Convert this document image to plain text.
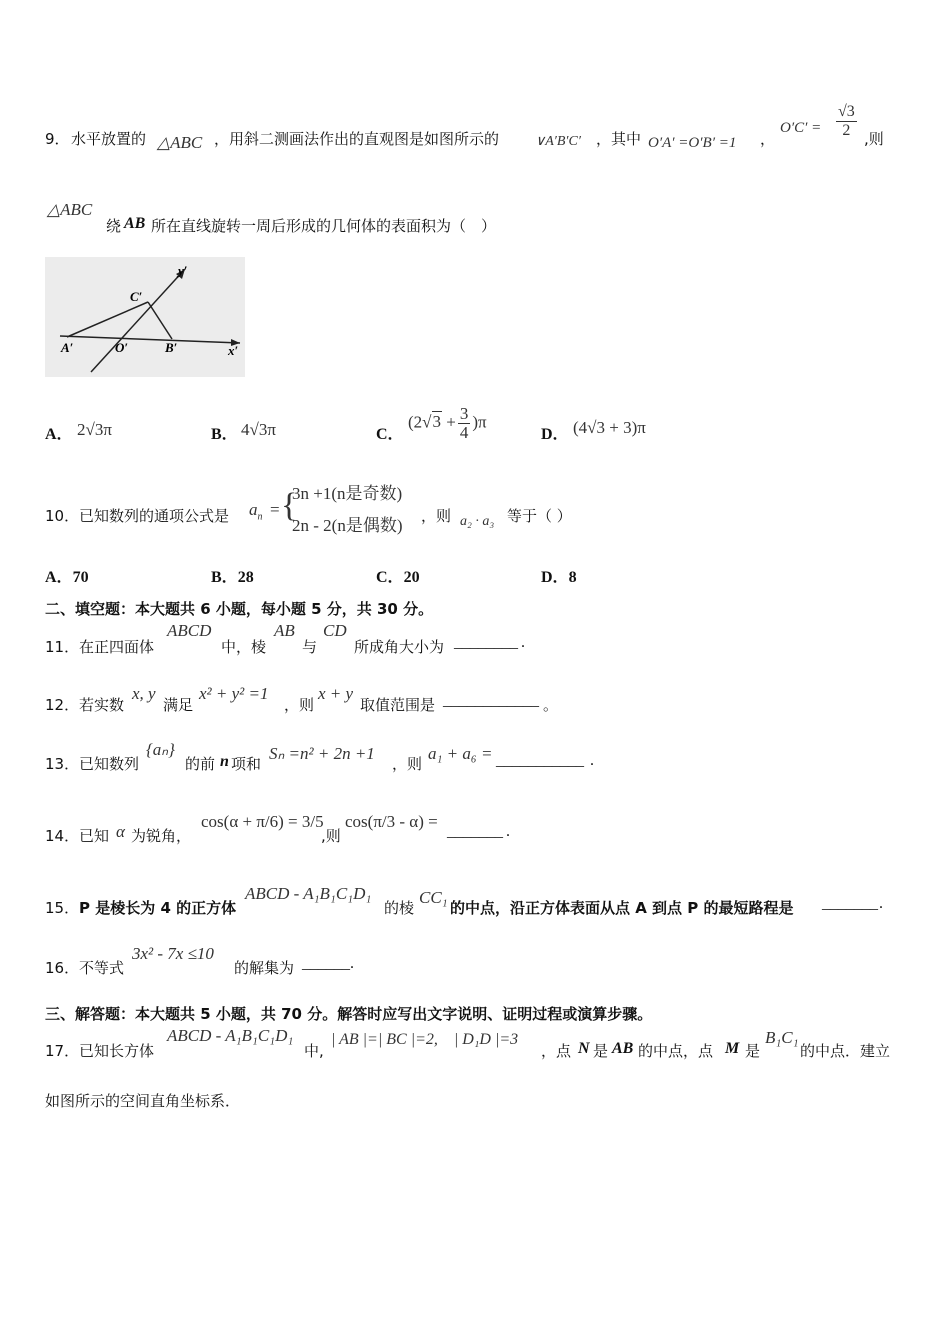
9． 水平放置的 △ABC ，用斜二测画法作出的直观图是如图所示的	∨A′B′C′ ，其中 O′A′ =O′B′ =1 ，
$O'C' = \frac{√3}{2}$ ,则
△ABC
绕 AB 所在直线旋转一周后形成的几何体的表面积为（　）
y′
x′
C′
A′	O′	B′
A． 2√3π	B． 4√3π	C．
$(2√3 + \frac{3}{4} )\pi$
D． (4√3 + 3)π
10． 已知数列的通项公式是 $a_n$ = {
3n +1(n是奇数)
2n - 2(n是偶数) ，则 a₂ · a₃ 等于（ ）
A．70	B．28	C．20	D．8
二、填空题：本大题共 6 小题，每小题 5 分，共 30 分。
11． 在正四面体
ABCD
中，棱
AB
与
CD
所成角大小为 ________ .
12． 若实数
x, y
满足
x² + y² =1
，则
x + y
取值范围是 ____________ 。
13． 已知数列
{aₙ}
的前 n 项和
Sₙ =n² + 2n +1
，则
a₁ + a₆ = ___________ .
14． 已知 α 为锐角，
cos(α + π/6) = 3/5
,则
cos(π/3 - α) =
_______ .
15． P 是棱长为 4 的正方体
ABCD - A₁B₁C₁D₁
的棱
CC₁
的中点，沿正方体表面从点 A 到点 P 的最短路程是 _______ .
16． 不等式
3x² - 7x ≤10
的解集为 ______ .
三、解答题：本大题共 5 小题，共 70 分。解答时应写出文字说明、证明过程或演算步骤。
17． 已知长方体
ABCD - A₁B₁C₁D₁
中,
| AB |=| BC |=2,　| D₁D |=3
，点 N 是 AB 的中点，点 M 是
B₁C₁
的中点．建立
如图所示的空间直角坐标系．
